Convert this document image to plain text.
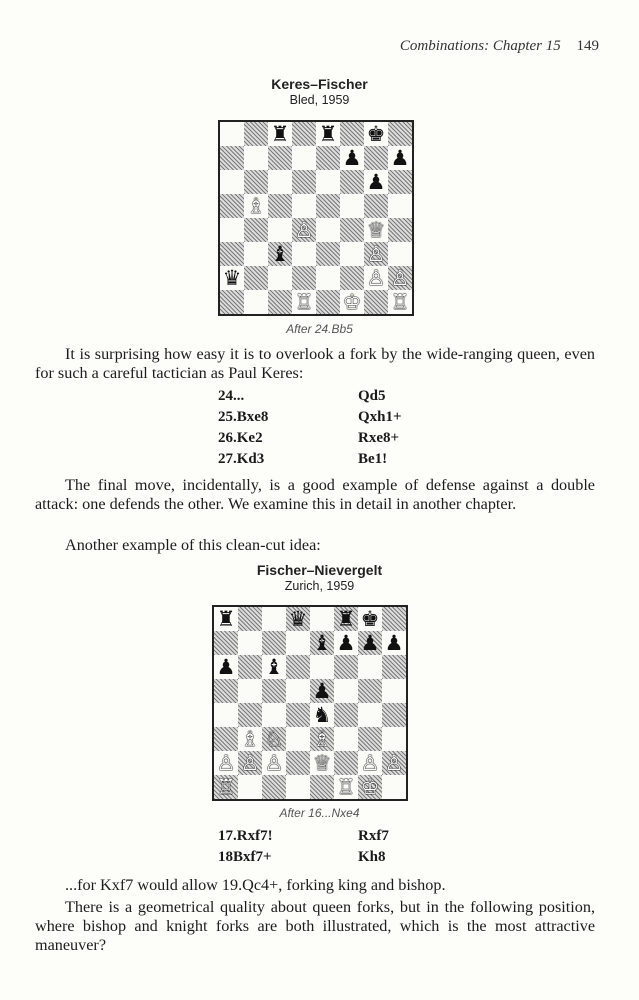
Combinations: Chapter 15 149
Keres–Fischer
Bled, 1959
♜ ♜ ♚
♟ ♟
♟
♗
♙	♕
♝	♙
♛	♙ ♙
♖ ♔ ♖
After 24.Bb5
It is surprising how easy it is to overlook a fork by the wide-ranging queen, even for such a careful tactician as Paul Keres:
24...	Qd5
25.Bxe8	Qxh1+
26.Ke2	Rxe8+
27.Kd3	Be1!
The final move, incidentally, is a good example of defense against a double attack: one defends the other. We examine this in detail in another chapter.
Another example of this clean-cut idea:
Fischer–Nievergelt
Zurich, 1959
♜	♛ ♜ ♚
♝ ♟ ♟ ♟
♟ ♝
♟
♞
♗ ♘ ♗
♙ ♙ ♙ ♕ ♙ ♙
♖	♖ ♔
After 16...Nxe4
17.Rxf7!	Rxf7
18Bxf7+	Kh8
...for Kxf7 would allow 19.Qc4+, forking king and bishop.
There is a geometrical quality about queen forks, but in the following position, where bishop and knight forks are both illustrated, which is the most attractive maneuver?
